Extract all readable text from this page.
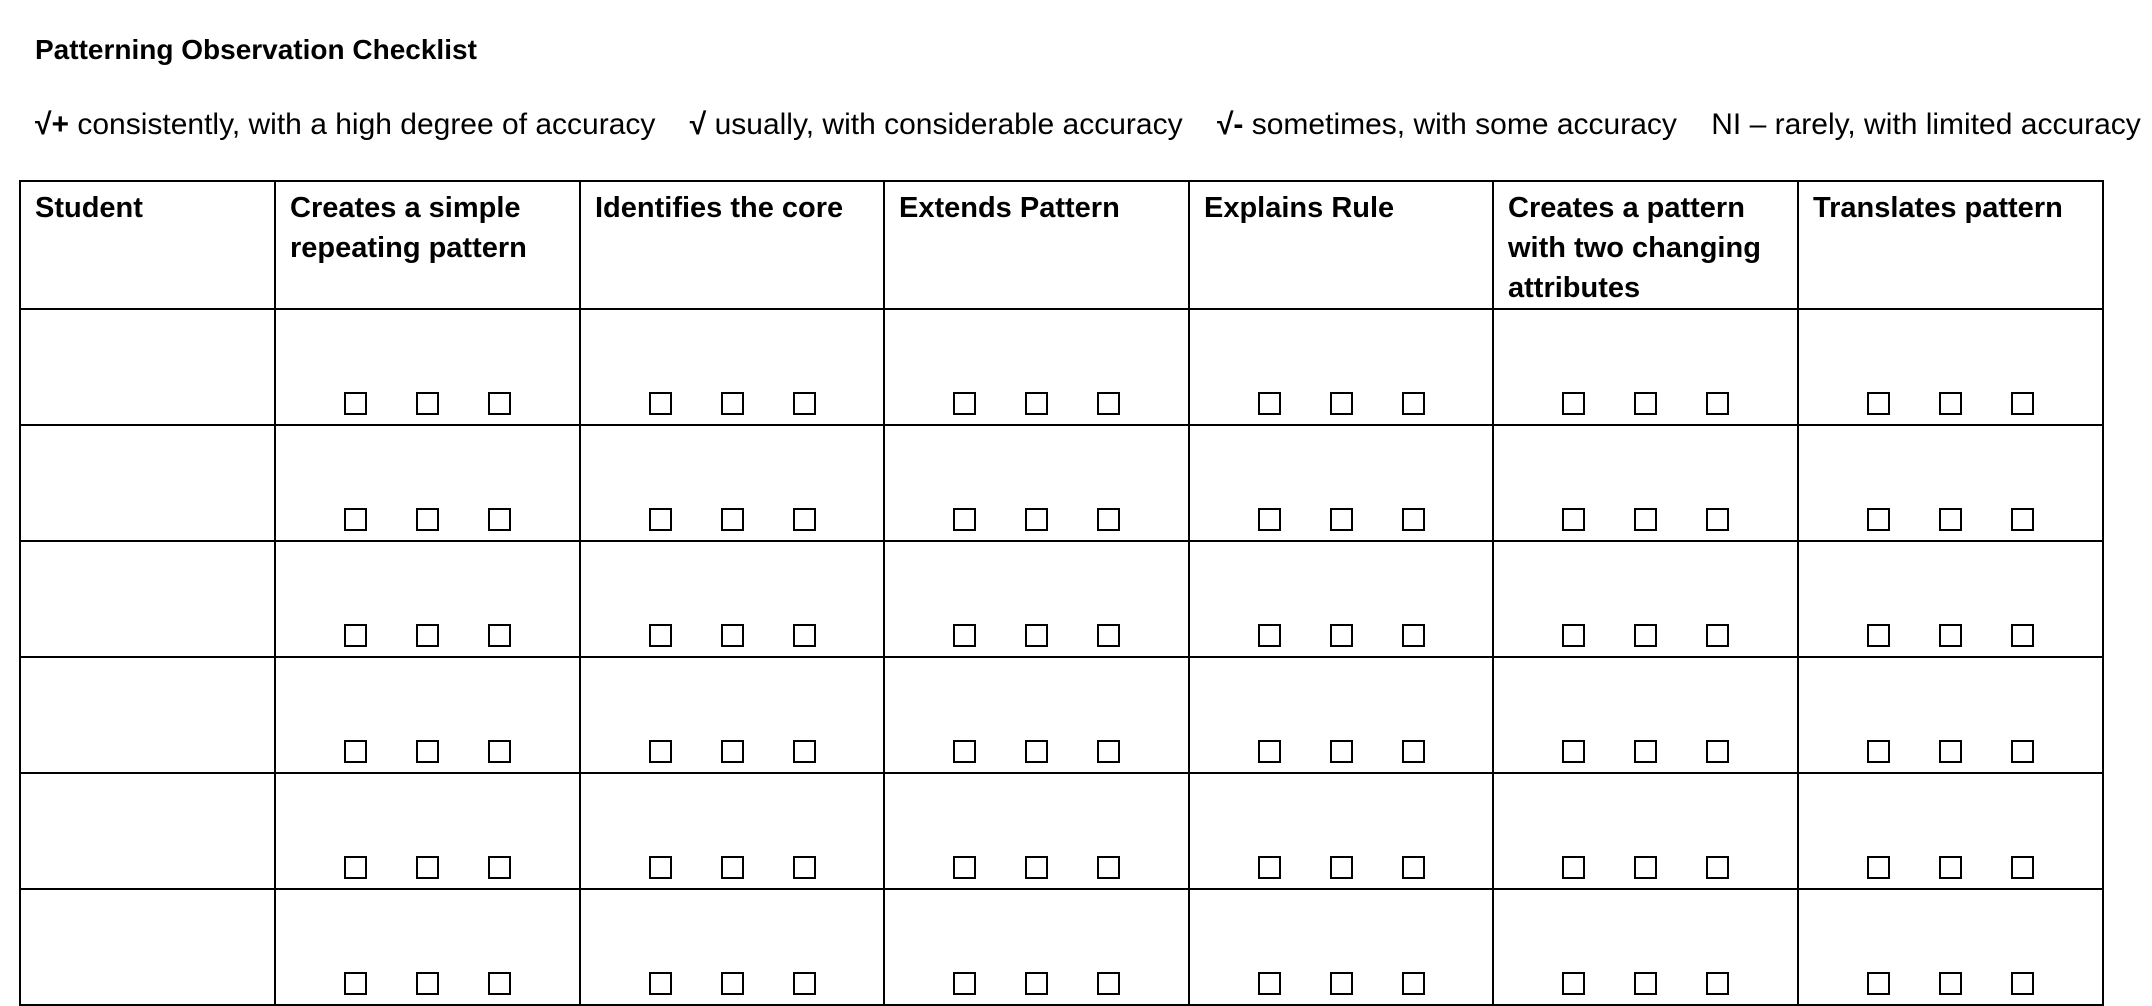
Patterning Observation Checklist
√+ consistently, with a high degree of accuracy √ usually, with considerable accuracy √- sometimes, with some accuracy NI – rarely, with limited accuracy
Student	Creates a simple repeating pattern	Identifies the core	Extends Pattern	Explains Rule	Creates a pattern with two changing attributes	Translates pattern
